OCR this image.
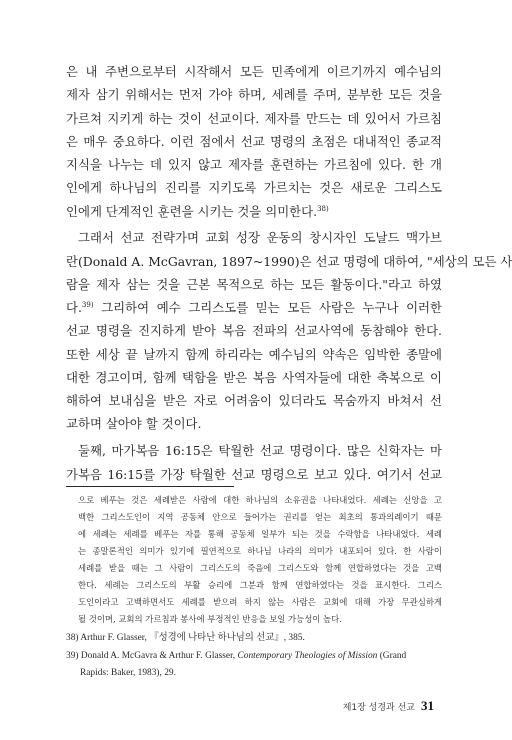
은 내 주변으로부터 시작해서 모든 민족에게 이르기까지 예수님의
제자 삼기 위해서는 먼저 가야 하며, 세례를 주며, 분부한 모든 것을
가르쳐 지키게 하는 것이 선교이다. 제자를 만드는 데 있어서 가르침
은 매우 중요하다. 이런 점에서 선교 명령의 초점은 대내적인 종교적
지식을 나누는 데 있지 않고 제자를 훈련하는 가르침에 있다. 한 개
인에게 하나님의 진리를 지키도록 가르치는 것은 새로운 그리스도
인에게 단계적인 훈련을 시키는 것을 의미한다.$^{38)}$
그래서 선교 전략가며 교회 성장 운동의 창시자인 도날드 맥가브
란(Donald A. McGavran, 1897~1990)은 선교 명령에 대하여, "세상의 모든 사
람을 제자 삼는 것을 근본 목적으로 하는 모든 활동이다."라고 하였
다.$^{39)}$ 그리하여 예수 그리스도를 믿는 모든 사람은 누구나 이러한
선교 명령을 진지하게 받아 복음 전파의 선교사역에 동참해야 한다.
또한 세상 끝 날까지 함께 하리라는 예수님의 약속은 임박한 종말에
대한 경고이며, 함께 택함을 받은 복음 사역자들에 대한 축복으로 이
해하여 보내심을 받은 자로 어려움이 있더라도 목숨까지 바쳐서 선
교하며 살아야 할 것이다.
둘째, 마가복음 16:15은 탁월한 선교 명령이다. 많은 신학자는 마
가복음 16:15를 가장 탁월한 선교 명령으로 보고 있다. 여기서 선교
으로 베푸는 것은 세례받은 사람에 대한 하나님의 소유권을 나타내었다. 세례는 신앙을 고
백한 그리스도인이 지역 공동체 안으로 들어가는 권리를 얻는 최초의 통과의례이기 때문
에 세례는 세례를 베푸는 자를 통해 공동체 일부가 되는 것을 수락함을 나타내었다. 세례
는 종말론적인 의미가 있기에 필연적으로 하나님 나라의 의미가 내포되어 있다. 한 사람이
세례를 받을 때는 그 사람이 그리스도의 죽음에 그리스도와 함께 연합하였다는 것을 고백
한다. 세례는 그리스도의 부활 승리에 그분과 함께 연합하였다는 것을 표시한다. 그리스
도인이라고 고백하면서도 세례를 받으려 하지 않는 사람은 교회에 대해 가장 무관심하게
될 것이며, 교회의 가르침과 봉사에 부정적인 반응을 보일 가능성이 높다.
제1장 성경과 선교 31
38) Arthur F. Glasser, 『성경에 나타난 하나님의 선교』, 385.
39) Donald A. McGavra & Arthur F. Glasser, Contemporary Theologies of Mission (Grand
Rapids: Baker, 1983), 29.
